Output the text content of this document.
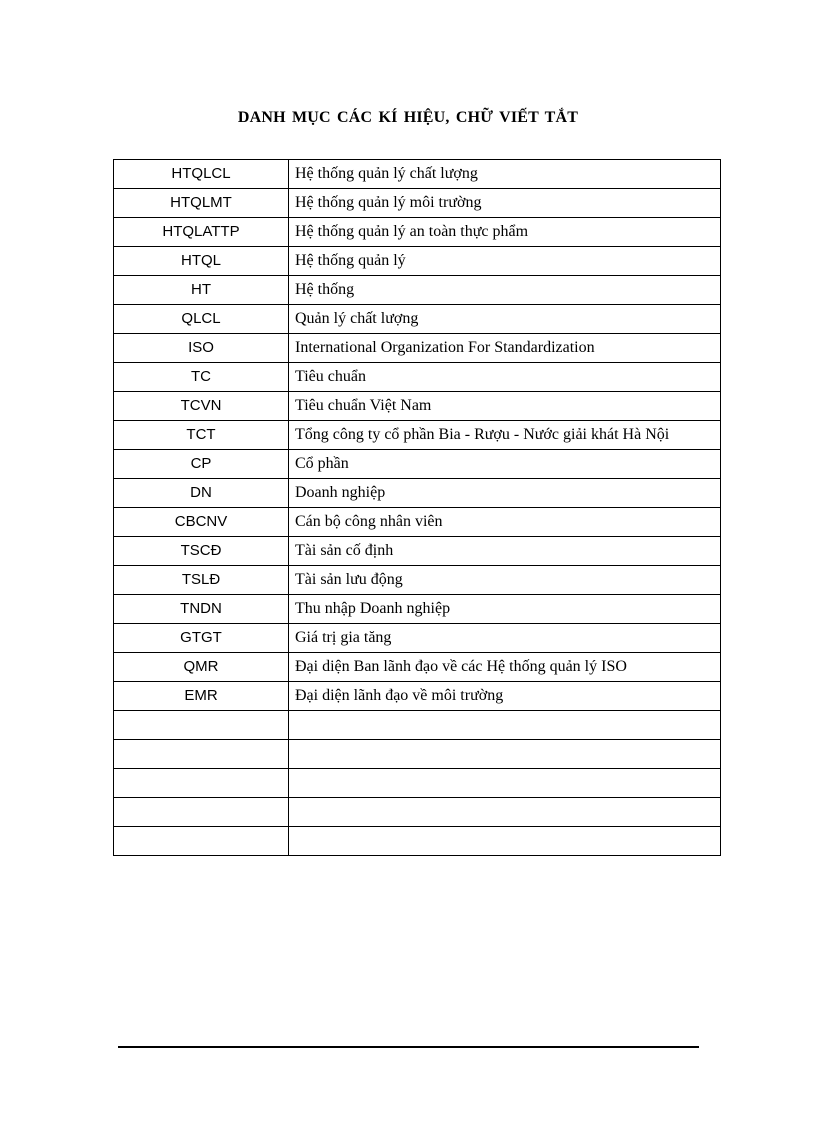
DANH MỤC CÁC KÍ HIỆU, CHỮ VIẾT TẮT
HTQLCL	Hệ thống quản lý chất lượng
HTQLMT	Hệ thống quản lý môi trường
HTQLATTP	Hệ thống quản lý an toàn thực phẩm
HTQL	Hệ thống quản lý
HT	Hệ thống
QLCL	Quản lý chất lượng
ISO	International Organization For Standardization
TC	Tiêu chuẩn
TCVN	Tiêu chuẩn Việt Nam
TCT	Tổng công ty cổ phần Bia - Rượu - Nước giải khát Hà Nội
CP	Cổ phần
DN	Doanh nghiệp
CBCNV	Cán bộ công nhân viên
TSCĐ	Tài sản cố định
TSLĐ	Tài sản lưu động
TNDN	Thu nhập Doanh nghiệp
GTGT	Giá trị gia tăng
QMR	Đại diện Ban lãnh đạo về các Hệ thống quản lý ISO
EMR	Đại diện lãnh đạo về môi trường
